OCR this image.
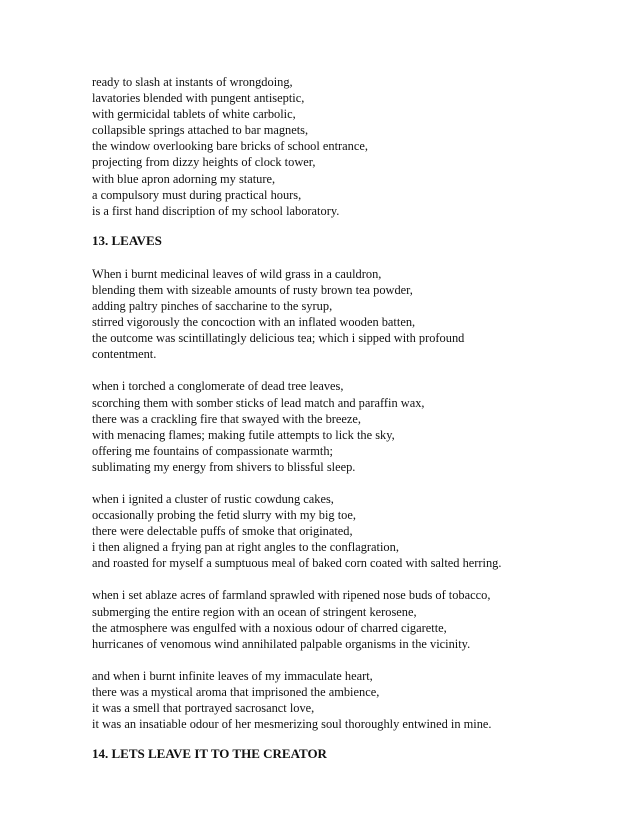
ready to slash at instants of wrongdoing,

lavatories blended with pungent antiseptic,

with germicidal tablets of white carbolic,

collapsible springs attached to bar magnets,

the window overlooking bare bricks of school entrance,

projecting from dizzy heights of clock tower,

with blue apron adorning my stature,

a compulsory must during practical hours,

is a first hand discription of my school laboratory.

13. LEAVES

When i burnt medicinal leaves of wild grass in a cauldron,

blending them with sizeable amounts of rusty brown tea powder,

adding paltry pinches of saccharine to the syrup,

stirred vigorously the concoction with an inflated wooden batten,

the outcome was scintillatingly delicious tea; which i sipped with profound

contentment.

when i torched a conglomerate of dead tree leaves,

scorching them with somber sticks of lead match and paraffin wax,

there was a crackling fire that swayed with the breeze,

with menacing flames; making futile attempts to lick the sky,

offering me fountains of compassionate warmth;

sublimating my energy from shivers to blissful sleep.

when i ignited a cluster of rustic cowdung cakes,

occasionally probing the fetid slurry with my big toe,

there were delectable puffs of smoke that originated,

i then aligned a frying pan at right angles to the conflagration,

and roasted for myself a sumptuous meal of baked corn coated with salted herring.

when i set ablaze acres of farmland sprawled with ripened nose buds of tobacco,

submerging the entire region with an ocean of stringent kerosene,

the atmosphere was engulfed with a noxious odour of charred cigarette,

hurricanes of venomous wind annihilated palpable organisms in the vicinity.

and when i burnt infinite leaves of my immaculate heart,

there was a mystical aroma that imprisoned the ambience,

it was a smell that portrayed sacrosanct love,

it was an insatiable odour of her mesmerizing soul thoroughly entwined in mine.

14. LETS LEAVE IT TO THE CREATOR
